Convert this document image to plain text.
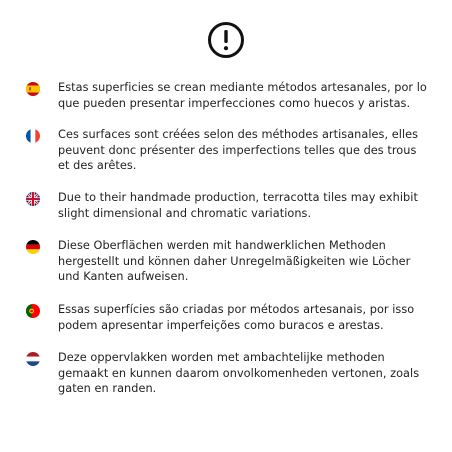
Estas superficies se crean mediante métodos artesanales, por lo que pueden presentar imperfecciones como huecos y aristas.

Ces surfaces sont créées selon des méthodes artisanales, elles peuvent donc présenter des imperfections telles que des trous et des arêtes.

Due to their handmade production, terracotta tiles may exhibit slight dimensional and chromatic variations.

Diese Oberflächen werden mit handwerklichen Methoden hergestellt und können daher Unregelmäßigkeiten wie Löcher und Kanten aufweisen.

Essas superfícies são criadas por métodos artesanais, por isso podem apresentar imperfeições como buracos e arestas.

Deze oppervlakken worden met ambachtelijke methoden gemaakt en kunnen daarom onvolkomenheden vertonen, zoals gaten en randen.
